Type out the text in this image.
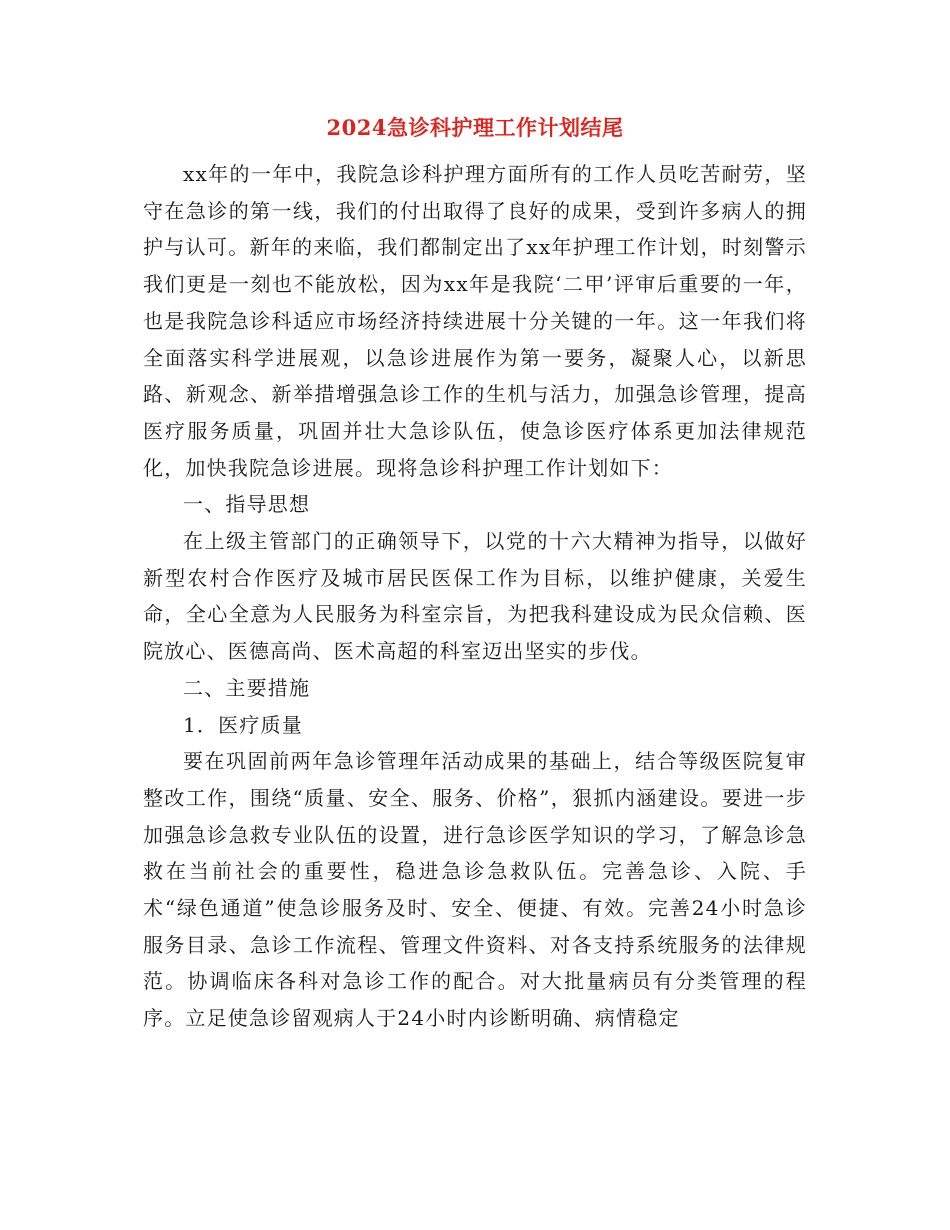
2024急诊科护理工作计划结尾

xx年的一年中，我院急诊科护理方面所有的工作人员吃苦耐劳，坚守在急诊的第一线，我们的付出取得了良好的成果，受到许多病人的拥护与认可。新年的来临，我们都制定出了xx年护理工作计划，时刻警示我们更是一刻也不能放松，因为xx年是我院‘二甲’评审后重要的一年，也是我院急诊科适应市场经济持续进展十分关键的一年。这一年我们将全面落实科学进展观，以急诊进展作为第一要务，凝聚人心，以新思路、新观念、新举措增强急诊工作的生机与活力，加强急诊管理，提高医疗服务质量，巩固并壮大急诊队伍，使急诊医疗体系更加法律规范化，加快我院急诊进展。现将急诊科护理工作计划如下：

一、指导思想

在上级主管部门的正确领导下，以党的十六大精神为指导，以做好新型农村合作医疗及城市居民医保工作为目标，以维护健康，关爱生命，全心全意为人民服务为科室宗旨，为把我科建设成为民众信赖、医院放心、医德高尚、医术高超的科室迈出坚实的步伐。

二、主要措施

1．医疗质量

要在巩固前两年急诊管理年活动成果的基础上，结合等级医院复审整改工作，围绕“质量、安全、服务、价格”，狠抓内涵建设。要进一步加强急诊急救专业队伍的设置，进行急诊医学知识的学习，了解急诊急救在当前社会的重要性，稳进急诊急救队伍。完善急诊、入院、手术“绿色通道”使急诊服务及时、安全、便捷、有效。完善24小时急诊服务目录、急诊工作流程、管理文件资料、对各支持系统服务的法律规范。协调临床各科对急诊工作的配合。对大批量病员有分类管理的程序。立足使急诊留观病人于24小时内诊断明确、病情稳定
